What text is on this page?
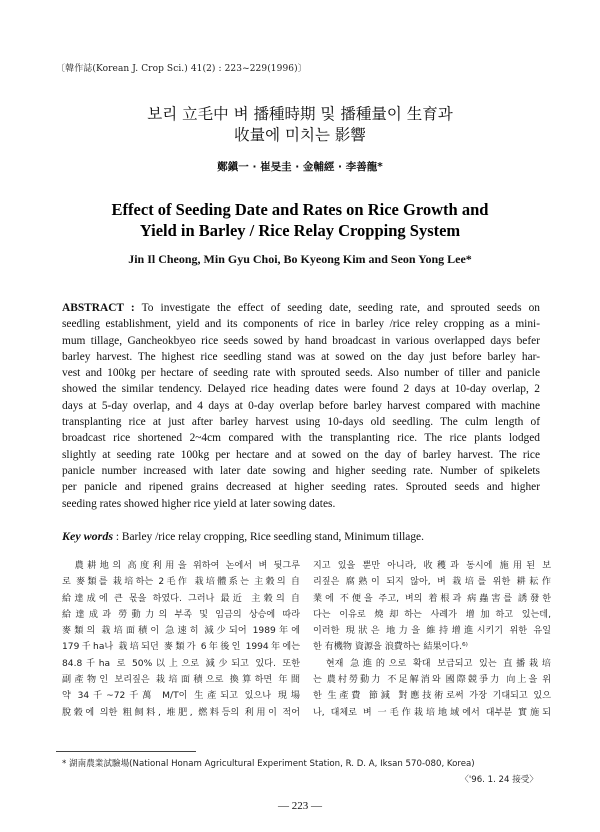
〔韓作誌(Korean J. Crop Sci.) 41(2) : 223~229(1996)〕
보리 立毛中 벼 播種時期 및 播種量이 生育과
收量에 미치는 影響
鄭鎭一 · 崔旻圭 · 金輔經 · 李善龍*
Effect of Seeding Date and Rates on Rice Growth and
Yield in Barley / Rice Relay Cropping System
Jin Il Cheong, Min Gyu Choi, Bo Kyeong Kim and Seon Yong Lee*
ABSTRACT : To investigate the effect of seeding date, seeding rate, and sprouted seeds on
seedling establishment, yield and its components of rice in barley /rice reley cropping as a mini-
mum tillage, Gancheokbyeo rice seeds sowed by hand broadcast in various overlapped days befer
barley harvest. The highest rice seedling stand was at sowed on the day just before barley har-
vest and 100kg per hectare of seeding rate with sprouted seeds. Also number of tiller and panicle
showed the similar tendency. Delayed rice heading dates were found 2 days at 10-day overlap, 2
days at 5-day overlap, and 4 days at 0-day overlap before barley harvest compared with machine
transplanting rice at just after barley harvest using 10-days old seedling. The culm length of
broadcast rice shortened 2~4cm compared with the transplanting rice. The rice plants lodged
slightly at seeding rate 100kg per hectare and at sowed on the day of barley harvest. The rice
panicle number increased with later date sowing and higher seeding rate. Number of spikelets
per panicle and ripened grains decreased at higher seeding rates. Sprouted seeds and higher
seeding rates showed higher rice yield at later sowing dates.
Key words : Barley /rice relay cropping, Rice seedling stand, Minimum tillage.
　農耕地의 高度利用을 위하여 논에서 벼 뒷그루
로 麥類를 栽培하는 2毛作 栽培體系는 主穀의 自
給達成에 큰 몫을 하였다. 그러나 最近 主穀의 自
給達成과 勞動力의 부족 및 임금의 상승에 따라
麥類의 栽培面積이 急速히 減少되어 1989年에
179千ha나 栽培되던 麥類가 6年後인 1994年에는
84.8千ha 로 50%以上으로 減少되고 있다. 또한
副產物인 보리짚은 栽培面積으로 換算하면 年間
약 34千~72千萬 M/T이 生產되고 있으나 現場
脫穀에 의한 粗飼料, 堆肥, 燃料등의 利用이 적어
지고 있을 뿐만 아니라, 收穫과 동시에 施用된 보
리짚은 腐熟이 되지 않아, 벼 栽培를 위한 耕耘作
業에 不便을 주고, 벼의 着根과 病蟲害를 誘發한
다는 이유로 燒却하는 사례가 增加하고 있는데,
이러한 現狀은 地力을 維持增進시키기 위한 유일
한 有機物 資源을 浪費하는 結果이다.⁶⁾
　현재 急進的으로 확대 보급되고 있는 直播栽培
는 農村勞動力 不足解消와 國際競爭力 向上을 위
한 生產費 節減 對應技術로써 가장 기대되고 있으
나, 대체로 벼 一毛作栽培地域에서 대부분 實施되
* 湖南農業試驗場(National Honam Agricultural Experiment Station, R. D. A, Iksan 570-080, Korea)
〈'96. 1. 24 接受〉
— 223 —
